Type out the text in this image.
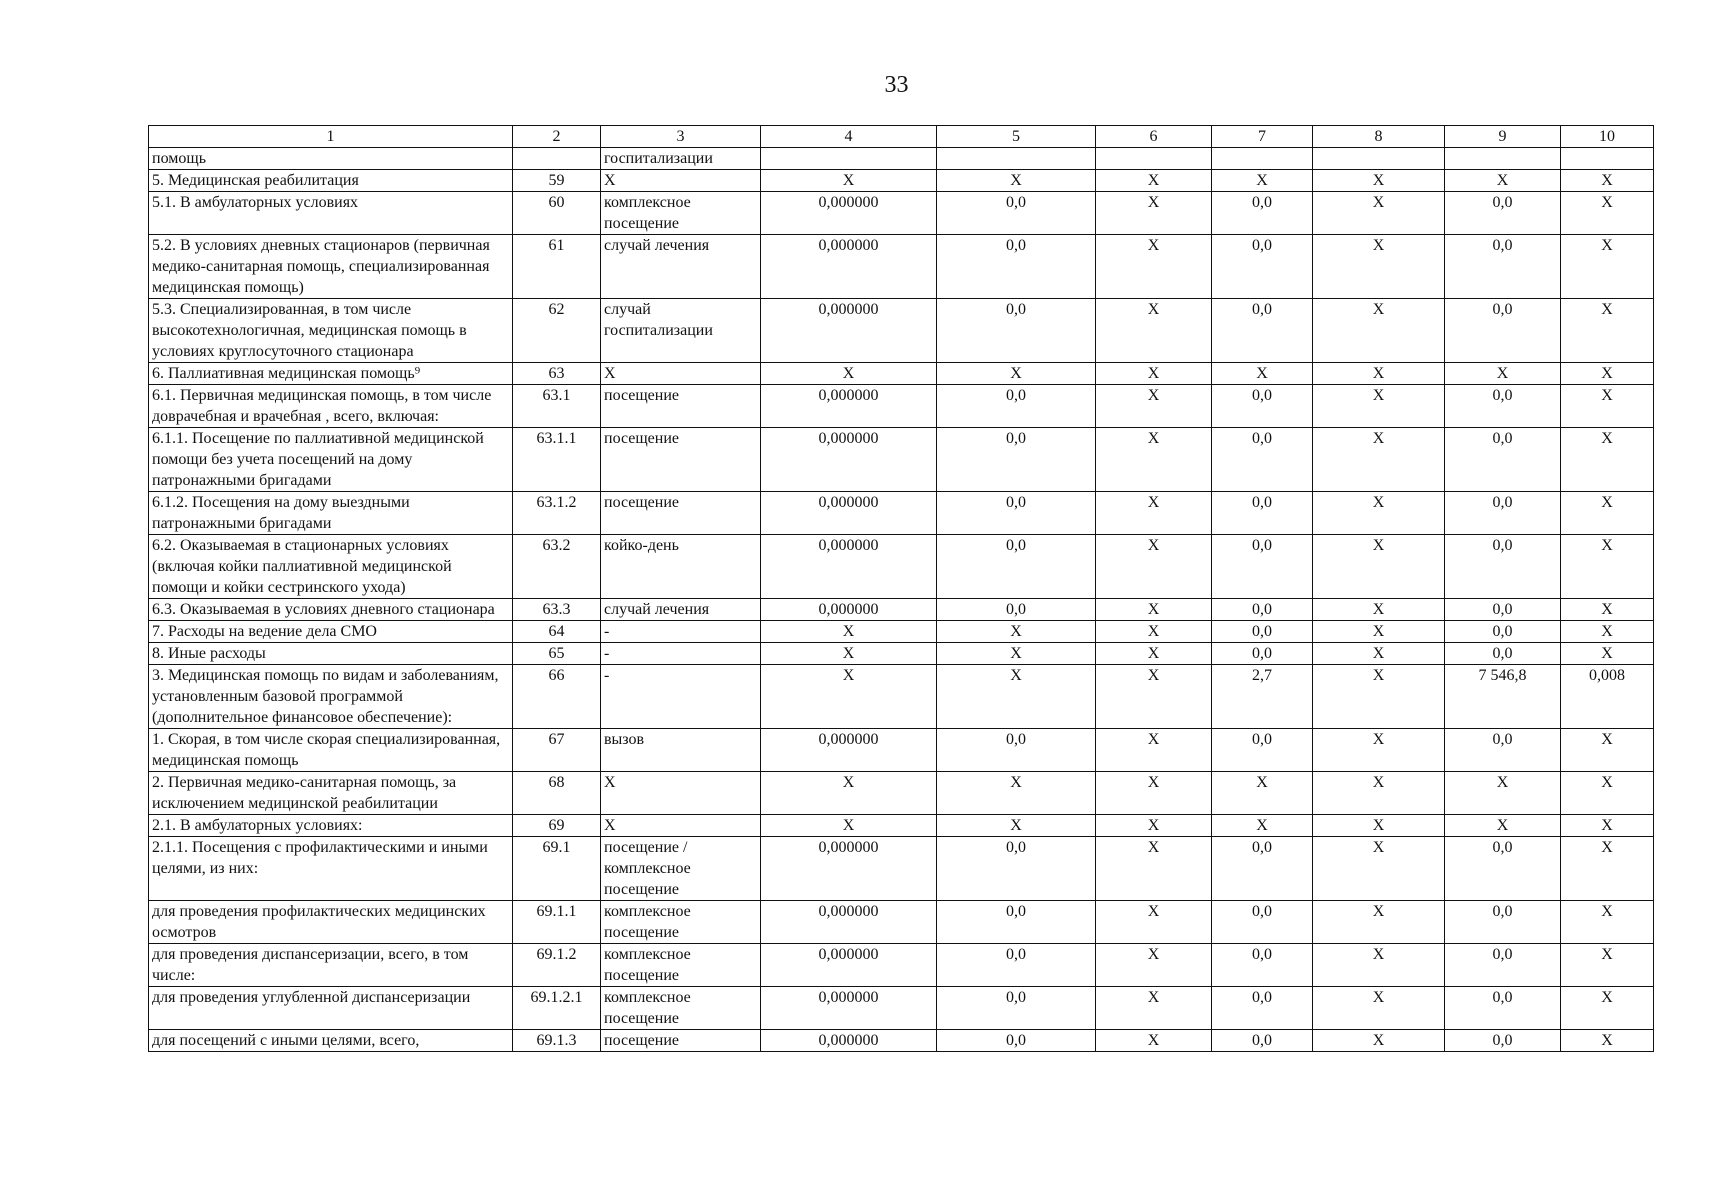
33
1	2	3	4	5	6	7	8	9	10
помощь		госпитализации							
5. Медицинская реабилитация	59	X	X	X	X	X	X	X	X
5.1. В амбулаторных условиях	60	комплексное посещение	0,000000	0,0	X	0,0	X	0,0	X
5.2. В условиях дневных стационаров (первичная медико-санитарная помощь, специализированная медицинская помощь)	61	случай лечения	0,000000	0,0	X	0,0	X	0,0	X
5.3. Специализированная, в том числе высокотехнологичная, медицинская помощь в условиях круглосуточного стационара	62	случай госпитализации	0,000000	0,0	X	0,0	X	0,0	X
6. Паллиативная медицинская помощь⁹	63	X	X	X	X	X	X	X	X
6.1. Первичная медицинская помощь, в том числе доврачебная и врачебная , всего, включая:	63.1	посещение	0,000000	0,0	X	0,0	X	0,0	X
6.1.1. Посещение по паллиативной медицинской помощи без учета посещений на дому патронажными бригадами	63.1.1	посещение	0,000000	0,0	X	0,0	X	0,0	X
6.1.2. Посещения на дому выездными патронажными бригадами	63.1.2	посещение	0,000000	0,0	X	0,0	X	0,0	X
6.2. Оказываемая в стационарных условиях (включая койки паллиативной медицинской помощи и койки сестринского ухода)	63.2	койко-день	0,000000	0,0	X	0,0	X	0,0	X
6.3. Оказываемая в условиях дневного стационара	63.3	случай лечения	0,000000	0,0	X	0,0	X	0,0	X
7. Расходы на ведение дела СМО	64	-	X	X	X	0,0	X	0,0	X
8. Иные расходы	65	-	X	X	X	0,0	X	0,0	X
3. Медицинская помощь по видам и заболеваниям, установленным базовой программой (дополнительное финансовое обеспечение):	66	-	X	X	X	2,7	X	7 546,8	0,008
1. Скорая, в том числе скорая специализированная, медицинская помощь	67	вызов	0,000000	0,0	X	0,0	X	0,0	X
2. Первичная медико-санитарная помощь, за исключением медицинской реабилитации	68	X	X	X	X	X	X	X	X
2.1. В амбулаторных условиях:	69	X	X	X	X	X	X	X	X
2.1.1. Посещения с профилактическими и иными целями, из них:	69.1	посещение / комплексное посещение	0,000000	0,0	X	0,0	X	0,0	X
для проведения профилактических медицинских осмотров	69.1.1	комплексное посещение	0,000000	0,0	X	0,0	X	0,0	X
для проведения диспансеризации, всего, в том числе:	69.1.2	комплексное посещение	0,000000	0,0	X	0,0	X	0,0	X
для проведения углубленной диспансеризации	69.1.2.1	комплексное посещение	0,000000	0,0	X	0,0	X	0,0	X
для посещений с иными целями, всего,	69.1.3	посещение	0,000000	0,0	X	0,0	X	0,0	X
